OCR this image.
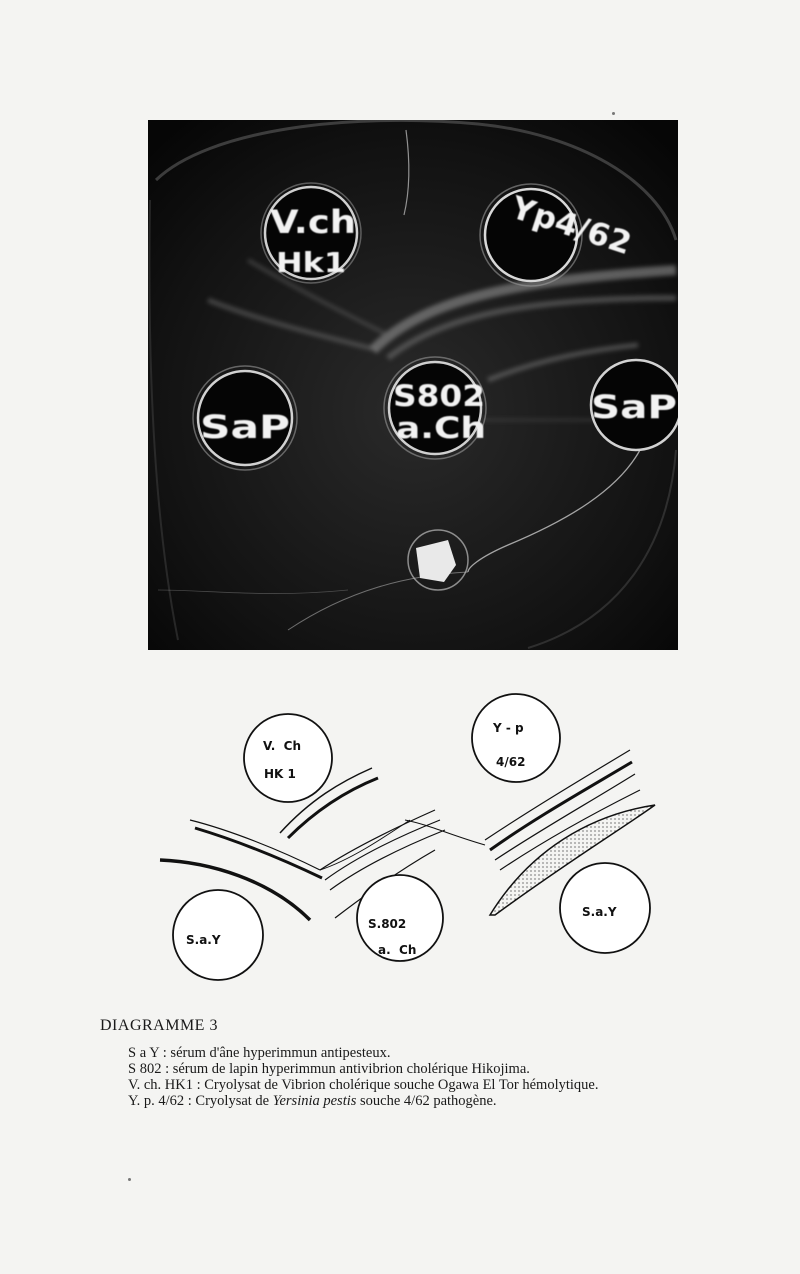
V.ch
Hk1
Yp4/62
S802
a.Ch
SaP
SaP
V.  Ch
HK 1
Y - p
4/62
S.a.Y
S.802
a.  Ch
S.a.Y
DIAGRAMME 3
S a Y : sérum d'âne hyperimmun antipesteux.
S 802 : sérum de lapin hyperimmun antivibrion cholérique Hikojima.
V. ch. HK1 : Cryolysat de Vibrion cholérique souche Ogawa El Tor hémolytique.
Y. p. 4/62 : Cryolysat de Yersinia pestis souche 4/62 pathogène.
